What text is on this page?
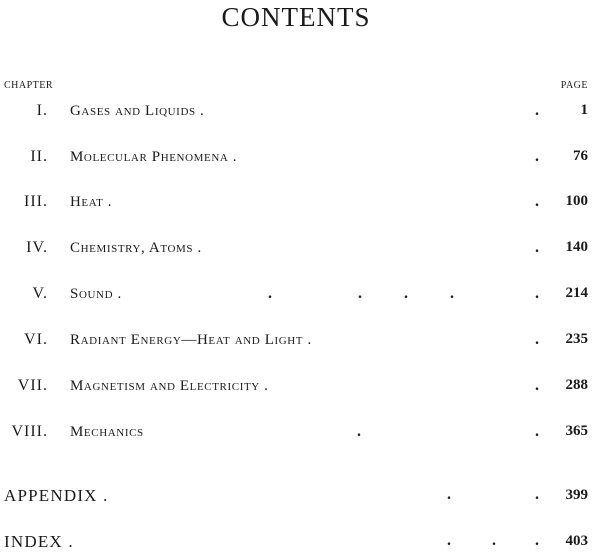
CONTENTS
CHAPTER	PAGE
I. Gases and Liquids .	.	1
II. Molecular Phenomena .	. 76
III. Heat .	. 100
IV. Chemistry, Atoms .	. 140
V. Sound .	.	.	.	.	. 214
VI. Radiant Energy—Heat and Light .	. 235
VII. Magnetism and Electricity .	. 288
VIII. Mechanics	.	. 365
APPENDIX .	.	. 399
INDEX .	.	. . 403
